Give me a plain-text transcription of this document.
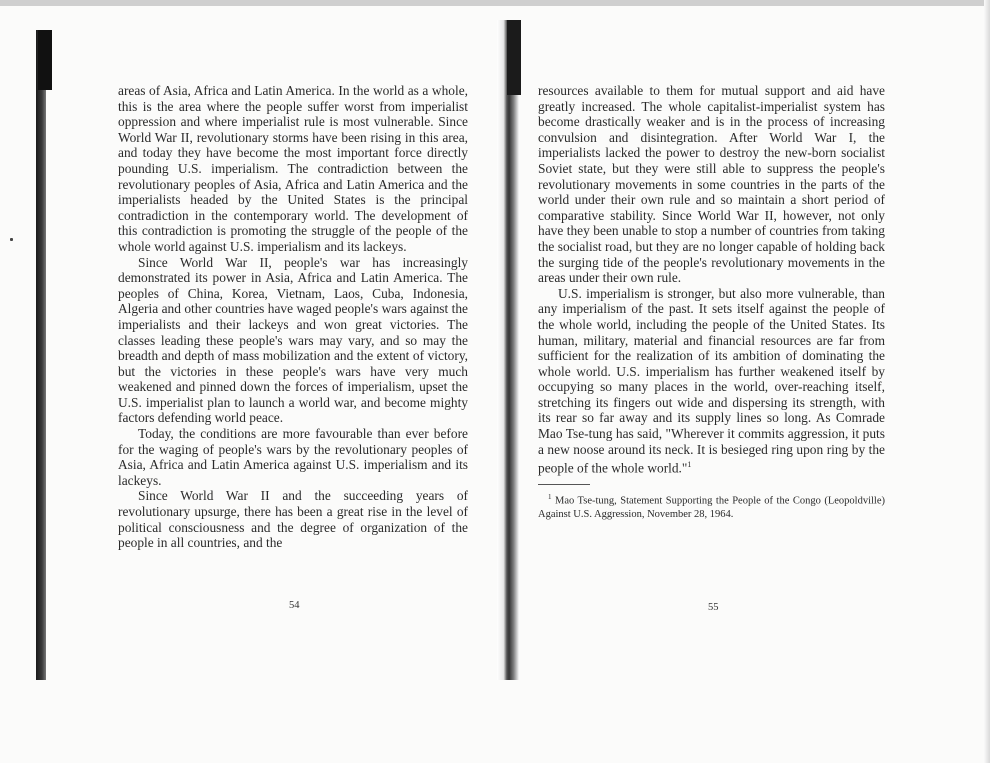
areas of Asia, Africa and Latin America. In the world as a whole, this is the area where the people suffer worst from imperialist oppression and where imperialist rule is most vulnerable. Since World War II, revolutionary storms have been rising in this area, and today they have become the most important force directly pounding U.S. imperialism. The contradiction between the revolutionary peoples of Asia, Africa and Latin America and the imperialists headed by the United States is the principal contradiction in the contemporary world. The development of this contradiction is promoting the struggle of the people of the whole world against U.S. imperialism and its lackeys.

Since World War II, people's war has increasingly demonstrated its power in Asia, Africa and Latin America. The peoples of China, Korea, Vietnam, Laos, Cuba, Indonesia, Algeria and other countries have waged people's wars against the imperialists and their lackeys and won great victories. The classes leading these people's wars may vary, and so may the breadth and depth of mass mobilization and the extent of victory, but the victories in these people's wars have very much weakened and pinned down the forces of imperialism, upset the U.S. imperialist plan to launch a world war, and become mighty factors defending world peace.

Today, the conditions are more favourable than ever before for the waging of people's wars by the revolutionary peoples of Asia, Africa and Latin America against U.S. imperialism and its lackeys.

Since World War II and the succeeding years of revolutionary upsurge, there has been a great rise in the level of political consciousness and the degree of organization of the people in all countries, and the

54

resources available to them for mutual support and aid have greatly increased. The whole capitalist-imperialist system has become drastically weaker and is in the process of increasing convulsion and disintegration. After World War I, the imperialists lacked the power to destroy the new-born socialist Soviet state, but they were still able to suppress the people's revolutionary movements in some countries in the parts of the world under their own rule and so maintain a short period of comparative stability. Since World War II, however, not only have they been unable to stop a number of countries from taking the socialist road, but they are no longer capable of holding back the surging tide of the people's revolutionary movements in the areas under their own rule.

U.S. imperialism is stronger, but also more vulnerable, than any imperialism of the past. It sets itself against the people of the whole world, including the people of the United States. Its human, military, material and financial resources are far from sufficient for the realization of its ambition of dominating the whole world. U.S. imperialism has further weakened itself by occupying so many places in the world, over-reaching itself, stretching its fingers out wide and dispersing its strength, with its rear so far away and its supply lines so long. As Comrade Mao Tse-tung has said, "Wherever it commits aggression, it puts a new noose around its neck. It is besieged ring upon ring by the people of the whole world."$^1$

$^1$ Mao Tse-tung, Statement Supporting the People of the Congo (Leopoldville) Against U.S. Aggression, November 28, 1964.
55
